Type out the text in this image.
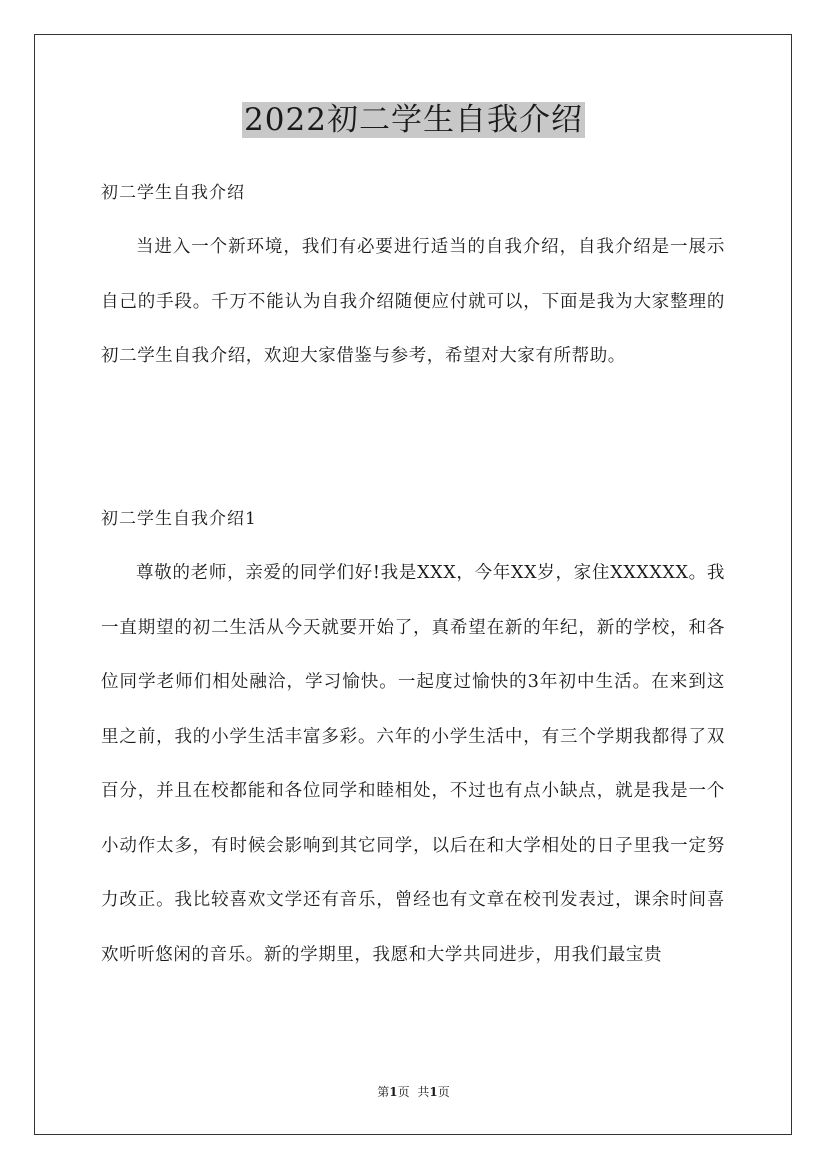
2022初二学生自我介绍
初二学生自我介绍

当进入一个新环境，我们有必要进行适当的自我介绍，自我介绍是一展示自己的手段。千万不能认为自我介绍随便应付就可以，下面是我为大家整理的初二学生自我介绍，欢迎大家借鉴与参考，希望对大家有所帮助。

初二学生自我介绍1

尊敬的老师，亲爱的同学们好!我是XXX，今年XX岁，家住XXXXXX。我一直期望的初二生活从今天就要开始了，真希望在新的年纪，新的学校，和各位同学老师们相处融洽，学习愉快。一起度过愉快的3年初中生活。在来到这里之前，我的小学生活丰富多彩。六年的小学生活中，有三个学期我都得了双百分，并且在校都能和各位同学和睦相处，不过也有点小缺点，就是我是一个小动作太多，有时候会影响到其它同学，以后在和大学相处的日子里我一定努力改正。我比较喜欢文学还有音乐，曾经也有文章在校刊发表过，课余时间喜欢听听悠闲的音乐。新的学期里，我愿和大学共同进步，用我们最宝贵

第1页 共1页
